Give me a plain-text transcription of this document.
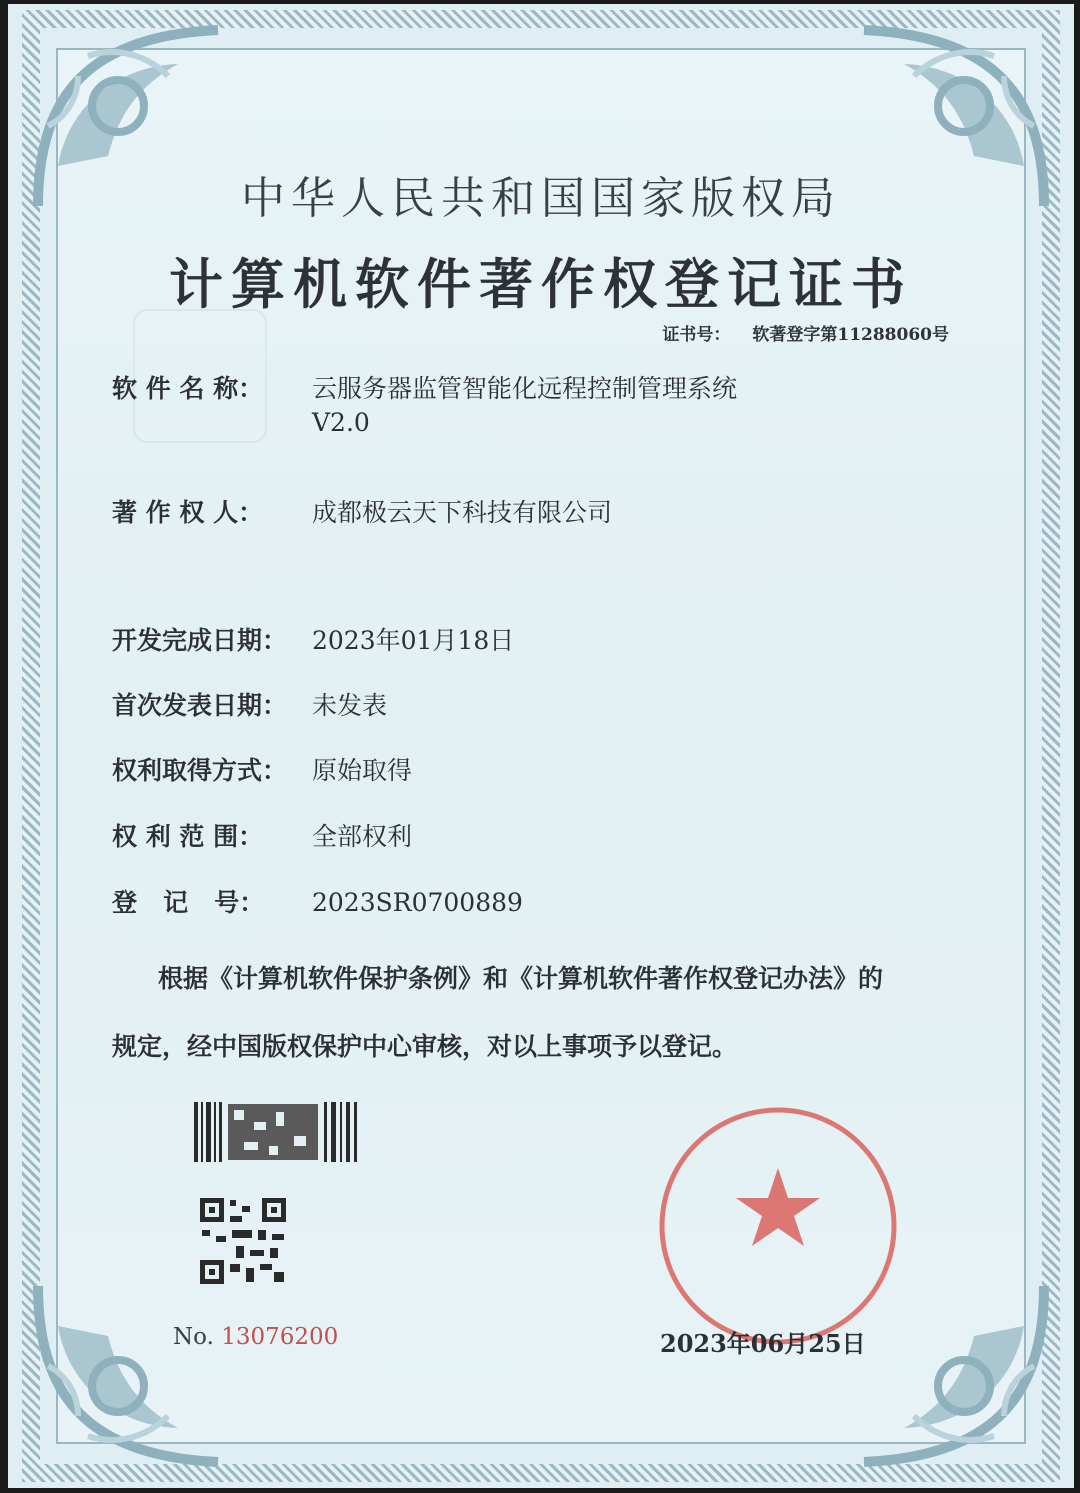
中华人民共和国国家版权局
计算机软件著作权登记证书
证书号： 软著登字第11288060号
软 件 名 称： 云服务器监管智能化远程控制管理系统
V2.0
著 作 权 人： 成都极云天下科技有限公司
开发完成日期： 2023年01月18日
首次发表日期： 未发表
权利取得方式： 原始取得
权 利 范 围： 全部权利
登   记   号： 2023SR0700889
根据《计算机软件保护条例》和《计算机软件著作权登记办法》的
规定，经中国版权保护中心审核，对以上事项予以登记。
No. 13076200	2023年06月25日
